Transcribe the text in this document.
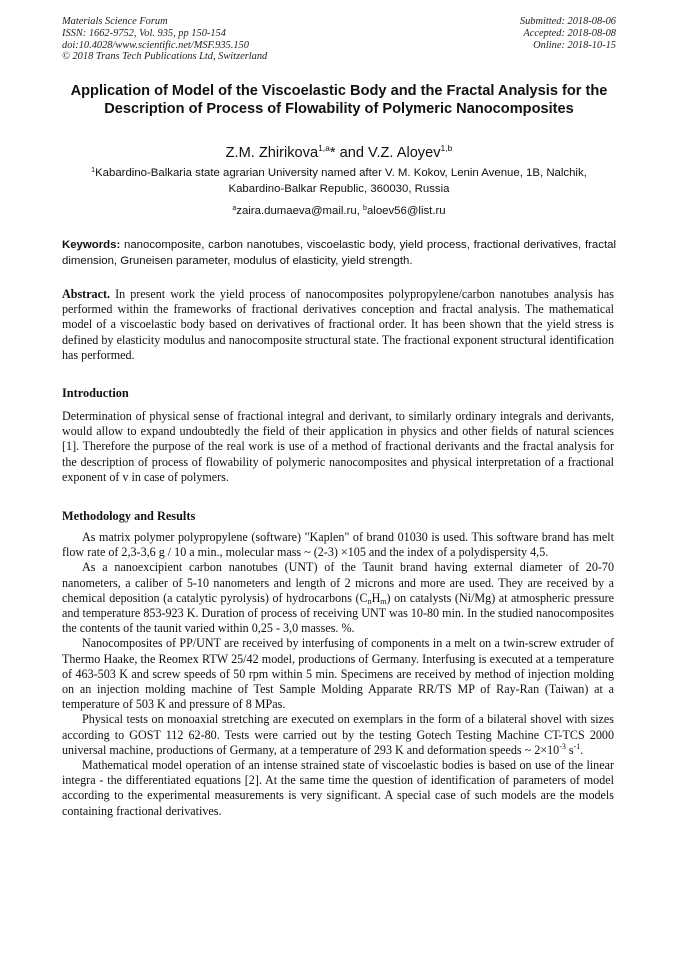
Materials Science Forum
ISSN: 1662-9752, Vol. 935, pp 150-154
doi:10.4028/www.scientific.net/MSF.935.150
© 2018 Trans Tech Publications Ltd, Switzerland
Submitted: 2018-08-06
Accepted: 2018-08-08
Online: 2018-10-15
Application of Model of the Viscoelastic Body and the Fractal Analysis for the Description of Process of Flowability of Polymeric Nanocomposites
Z.M. Zhirikova$^{1,a}$* and V.Z. Aloyev$^{1,b}$
$^1$Kabardino-Balkaria state agrarian University named after V. M. Kokov, Lenin Avenue, 1B, Nalchik, Kabardino-Balkar Republic, 360030, Russia
$^a$zaira.dumaeva@mail.ru, $^b$aloev56@list.ru
Keywords: nanocomposite, carbon nanotubes, viscoelastic body, yield process, fractional derivatives, fractal dimension, Gruneisen parameter, modulus of elasticity, yield strength.
Abstract. In present work the yield process of nanocomposites polypropylene/carbon nanotubes analysis has performed within the frameworks of fractional derivatives conception and fractal analysis. The mathematical model of a viscoelastic body based on derivatives of fractional order. It has been shown that the yield stress is defined by elasticity modulus and nanocomposite structural state. The fractional exponent structural identification has performed.
Introduction
Determination of physical sense of fractional integral and derivant, to similarly ordinary integrals and derivants, would allow to expand undoubtedly the field of their application in physics and other fields of natural sciences [1]. Therefore the purpose of the real work is use of a method of fractional derivants and the fractal analysis for the description of process of flowability of polymeric nanocomposites and physical interpretation of a fractional exponent of v in case of polymers.
Methodology and Results

As matrix polymer polypropylene (software) "Kaplen" of brand 01030 is used. This software brand has melt flow rate of 2,3-3,6 g / 10 a min., molecular mass ~ (2-3) ×105 and the index of a polydispersity 4,5.

As a nanoexcipient carbon nanotubes (UNT) of the Taunit brand having external diameter of 20-70 nanometers, a caliber of 5-10 nanometers and length of 2 microns and more are used. They are received by a chemical deposition (a catalytic pyrolysis) of hydrocarbons $(C_nH_m)$ on catalysts (Ni/Mg) at atmospheric pressure and temperature 853-923 K. Duration of process of receiving UNT was 10-80 min. In the studied nanocomposites the contents of the taunit varied within 0,25 - 3,0 masses. %.

Nanocomposites of PP/UNT are received by interfusing of components in a melt on a twin-screw extruder of Thermo Haake, the Reomex RTW 25/42 model, productions of Germany. Interfusing is executed at a temperature of 463-503 K and screw speeds of 50 rpm within 5 min. Specimens are received by method of injection molding on an injection molding machine of Test Sample Molding Apparate RR/TS MP of Ray-Ran (Taiwan) at a temperature of 503 K and pressure of 8 MPas.

Physical tests on monoaxial stretching are executed on exemplars in the form of a bilateral shovel with sizes according to GOST 112 62-80. Tests were carried out by the testing Gotech Testing Machine CT-TCS 2000 universal machine, productions of Germany, at a temperature of 293 K and deformation speeds ~ $2\times 10^{-3}$ $s^{-1}$.

Mathematical model operation of an intense strained state of viscoelastic bodies is based on use of the linear integra - the differentiated equations [2]. At the same time the question of identification of parameters of model according to the experimental measurements is very significant. A special case of such models are the models containing fractional derivatives.
